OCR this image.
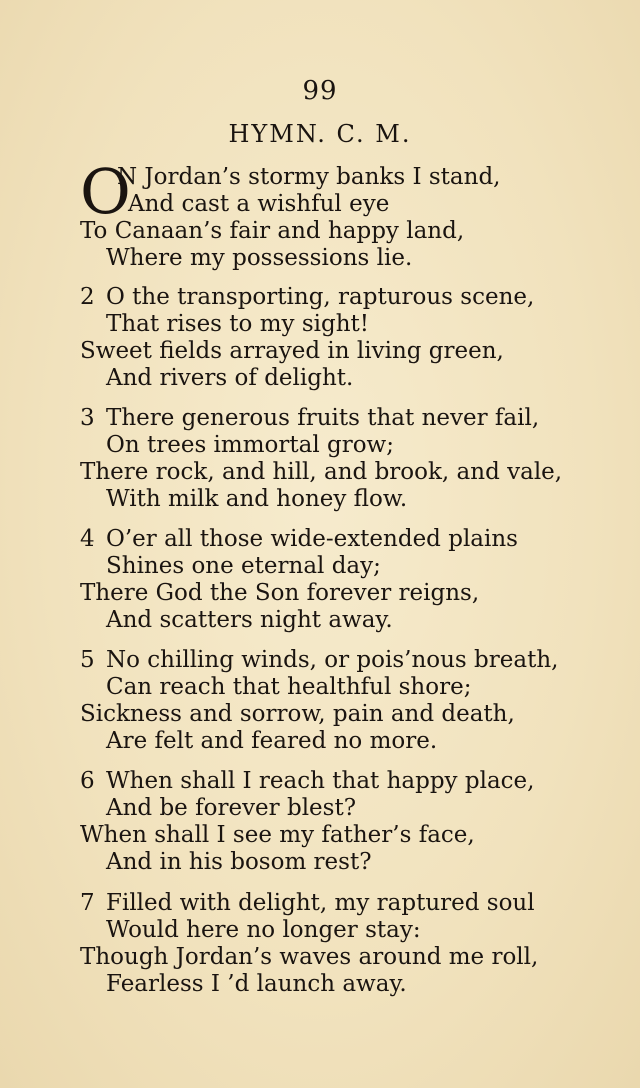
99
HYMN. C. M.
O
N Jordan’s stormy banks I stand,
And cast a wishful eye
To Canaan’s fair and happy land,
Where my possessions lie.
2 O the transporting, rapturous scene,
That rises to my sight!
Sweet fields arrayed in living green,
And rivers of delight.
3 There generous fruits that never fail,
On trees immortal grow;
There rock, and hill, and brook, and vale,
With milk and honey flow.
4 O’er all those wide-extended plains
Shines one eternal day;
There God the Son forever reigns,
And scatters night away.
5 No chilling winds, or pois’nous breath,
Can reach that healthful shore;
Sickness and sorrow, pain and death,
Are felt and feared no more.
6 When shall I reach that happy place,
And be forever blest?
When shall I see my father’s face,
And in his bosom rest?
7 Filled with delight, my raptured soul
Would here no longer stay:
Though Jordan’s waves around me roll,
Fearless I ’d launch away.
